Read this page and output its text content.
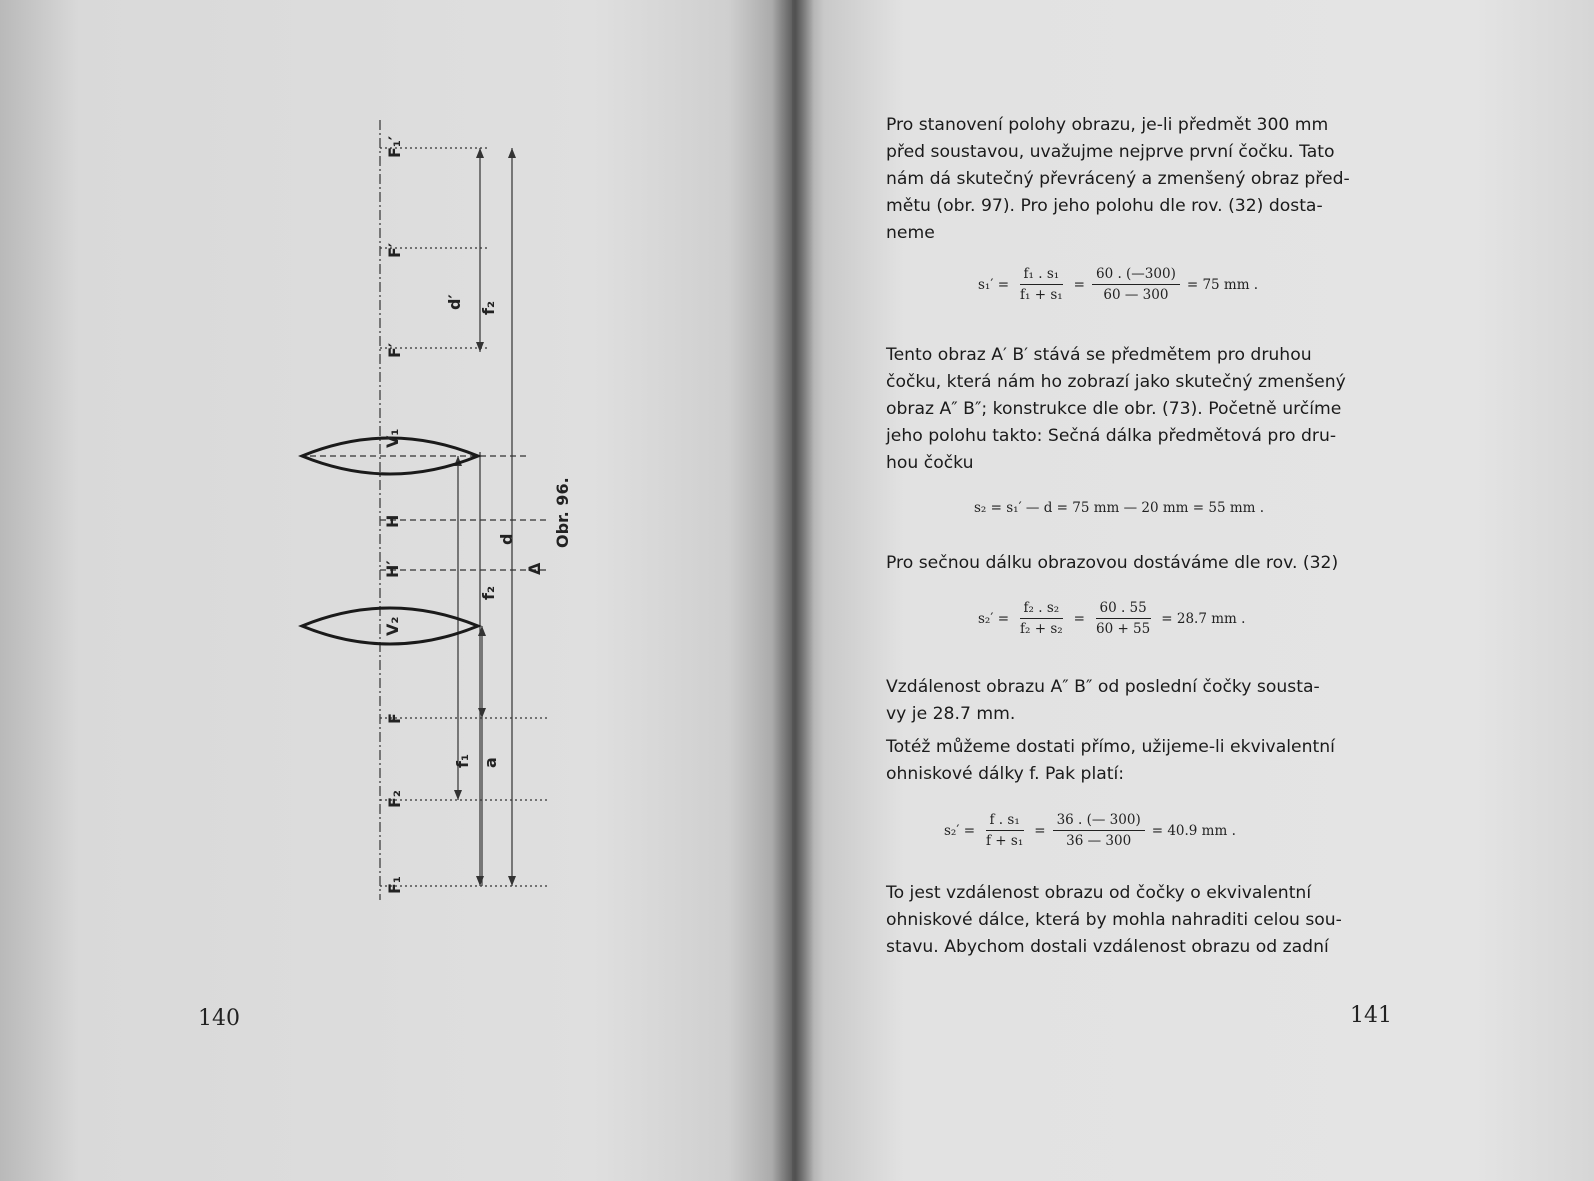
F₁′
F′
d′ f₂
F′
V₁
H
H′
d
Δ
f₂
V₂
F
a
f₁
F₂
F₁
Obr. 96.
140

Pro stanovení polohy obrazu, je-li předmět 300 mm
před soustavou, uvažujme nejprve první čočku. Tato
nám dá skutečný převrácený a zmenšený obraz před-
mětu (obr. 97). Pro jeho polohu dle rov. (32) dosta-
neme

$s_1' = \frac{\text{f₁ . s₁}}{\text{f₁ + s₁}} = \frac{60 . (—300)}{60 — 300} = 75$ mm .

Tento obraz A′ B′ stává se předmětem pro druhou
čočku, která nám ho zobrazí jako skutečný zmenšený
obraz A″ B″; konstrukce dle obr. (73). Početně určíme
jeho polohu takto: Sečná dálka předmětová pro dru-
hou čočku

s₂ = s₁′ — d = 75 mm — 20 mm = 55 mm .

Pro sečnou dálku obrazovou dostáváme dle rov. (32)

$s_2' = \frac{\text{f₂ . s₂}}{\text{f₂ + s₂}} = \frac{60 . 55}{60 + 55} = 28.7$ mm .

Vzdálenost obrazu A″ B″ od poslední čočky sousta-
vy je 28.7 mm.

Totéž můžeme dostati přímo, užijeme-li ekvivalentní
ohniskové dálky f. Pak platí:

$s_2' = \frac{\text{f . s₁}}{\text{f + s₁}} = \frac{36 . (— 300)}{36 — 300} = 40.9$ mm .

To jest vzdálenost obrazu od čočky o ekvivalentní
ohniskové dálce, která by mohla nahraditi celou sou-
stavu. Abychom dostali vzdálenost obrazu od zadní

141
